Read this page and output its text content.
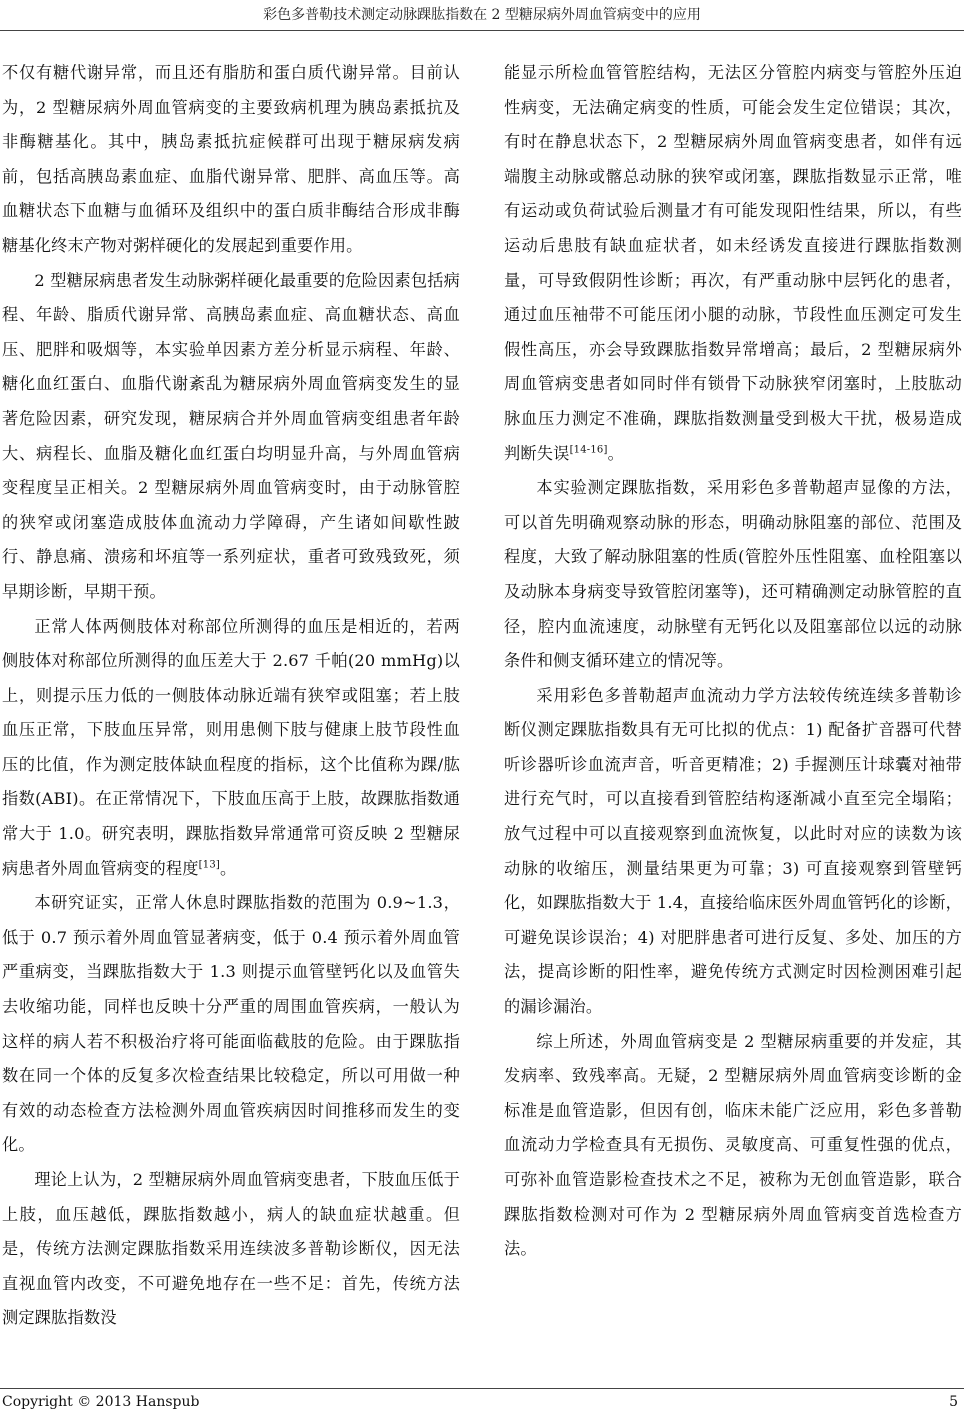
彩色多普勒技术测定动脉踝肱指数在 2 型糖尿病外周血管病变中的应用

不仅有糖代谢异常，而且还有脂肪和蛋白质代谢异常。目前认为，2 型糖尿病外周血管病变的主要致病机理为胰岛素抵抗及非酶糖基化。其中，胰岛素抵抗症候群可出现于糖尿病发病前，包括高胰岛素血症、血脂代谢异常、肥胖、高血压等。高血糖状态下血糖与血循环及组织中的蛋白质非酶结合形成非酶糖基化终末产物对粥样硬化的发展起到重要作用。

2 型糖尿病患者发生动脉粥样硬化最重要的危险因素包括病程、年龄、脂质代谢异常、高胰岛素血症、高血糖状态、高血压、肥胖和吸烟等，本实验单因素方差分析显示病程、年龄、糖化血红蛋白、血脂代谢紊乱为糖尿病外周血管病变发生的显著危险因素，研究发现，糖尿病合并外周血管病变组患者年龄大、病程长、血脂及糖化血红蛋白均明显升高，与外周血管病变程度呈正相关。2 型糖尿病外周血管病变时，由于动脉管腔的狭窄或闭塞造成肢体血流动力学障碍，产生诸如间歇性跛行、静息痛、溃疡和坏疽等一系列症状，重者可致残致死，须早期诊断，早期干预。

正常人体两侧肢体对称部位所测得的血压是相近的，若两侧肢体对称部位所测得的血压差大于 2.67 千帕(20 mmHg)以上，则提示压力低的一侧肢体动脉近端有狭窄或阻塞；若上肢血压正常，下肢血压异常，则用患侧下肢与健康上肢节段性血压的比值，作为测定肢体缺血程度的指标，这个比值称为踝/肱指数(ABI)。在正常情况下，下肢血压高于上肢，故踝肱指数通常大于 1.0。研究表明，踝肱指数异常通常可资反映 2 型糖尿病患者外周血管病变的程度[13]。

本研究证实，正常人休息时踝肱指数的范围为 0.9~1.3，低于 0.7 预示着外周血管显著病变，低于 0.4 预示着外周血管严重病变，当踝肱指数大于 1.3 则提示血管壁钙化以及血管失去收缩功能，同样也反映十分严重的周围血管疾病，一般认为这样的病人若不积极治疗将可能面临截肢的危险。由于踝肱指数在同一个体的反复多次检查结果比较稳定，所以可用做一种有效的动态检查方法检测外周血管疾病因时间推移而发生的变化。

理论上认为，2 型糖尿病外周血管病变患者，下肢血压低于上肢，血压越低，踝肱指数越小，病人的缺血症状越重。但是，传统方法测定踝肱指数采用连续波多普勒诊断仪，因无法直视血管内改变，不可避免地存在一些不足：首先，传统方法测定踝肱指数没

能显示所检血管管腔结构，无法区分管腔内病变与管腔外压迫性病变，无法确定病变的性质，可能会发生定位错误；其次，有时在静息状态下，2 型糖尿病外周血管病变患者，如伴有远端腹主动脉或髂总动脉的狭窄或闭塞，踝肱指数显示正常，唯有运动或负荷试验后测量才有可能发现阳性结果，所以，有些运动后患肢有缺血症状者，如未经诱发直接进行踝肱指数测量，可导致假阴性诊断；再次，有严重动脉中层钙化的患者，通过血压袖带不可能压闭小腿的动脉，节段性血压测定可发生假性高压，亦会导致踝肱指数异常增高；最后，2 型糖尿病外周血管病变患者如同时伴有锁骨下动脉狭窄闭塞时，上肢肱动脉血压力测定不准确，踝肱指数测量受到极大干扰，极易造成判断失误[14-16]。

本实验测定踝肱指数，采用彩色多普勒超声显像的方法，可以首先明确观察动脉的形态，明确动脉阻塞的部位、范围及程度，大致了解动脉阻塞的性质(管腔外压性阻塞、血栓阻塞以及动脉本身病变导致管腔闭塞等)，还可精确测定动脉管腔的直径，腔内血流速度，动脉壁有无钙化以及阻塞部位以远的动脉条件和侧支循环建立的情况等。

采用彩色多普勒超声血流动力学方法较传统连续多普勒诊断仪测定踝肱指数具有无可比拟的优点：1) 配备扩音器可代替听诊器听诊血流声音，听音更精准；2) 手握测压计球囊对袖带进行充气时，可以直接看到管腔结构逐渐减小直至完全塌陷；放气过程中可以直接观察到血流恢复，以此时对应的读数为该动脉的收缩压，测量结果更为可靠；3) 可直接观察到管壁钙化，如踝肱指数大于 1.4，直接给临床医外周血管钙化的诊断，可避免误诊误治；4) 对肥胖患者可进行反复、多处、加压的方法，提高诊断的阳性率，避免传统方式测定时因检测困难引起的漏诊漏治。

综上所述，外周血管病变是 2 型糖尿病重要的并发症，其发病率、致残率高。无疑，2 型糖尿病外周血管病变诊断的金标准是血管造影，但因有创，临床未能广泛应用，彩色多普勒血流动力学检查具有无损伤、灵敏度高、可重复性强的优点，可弥补血管造影检查技术之不足，被称为无创血管造影，联合踝肱指数检测对可作为 2 型糖尿病外周血管病变首选检查方法。

Copyright © 2013 Hanspub	5
